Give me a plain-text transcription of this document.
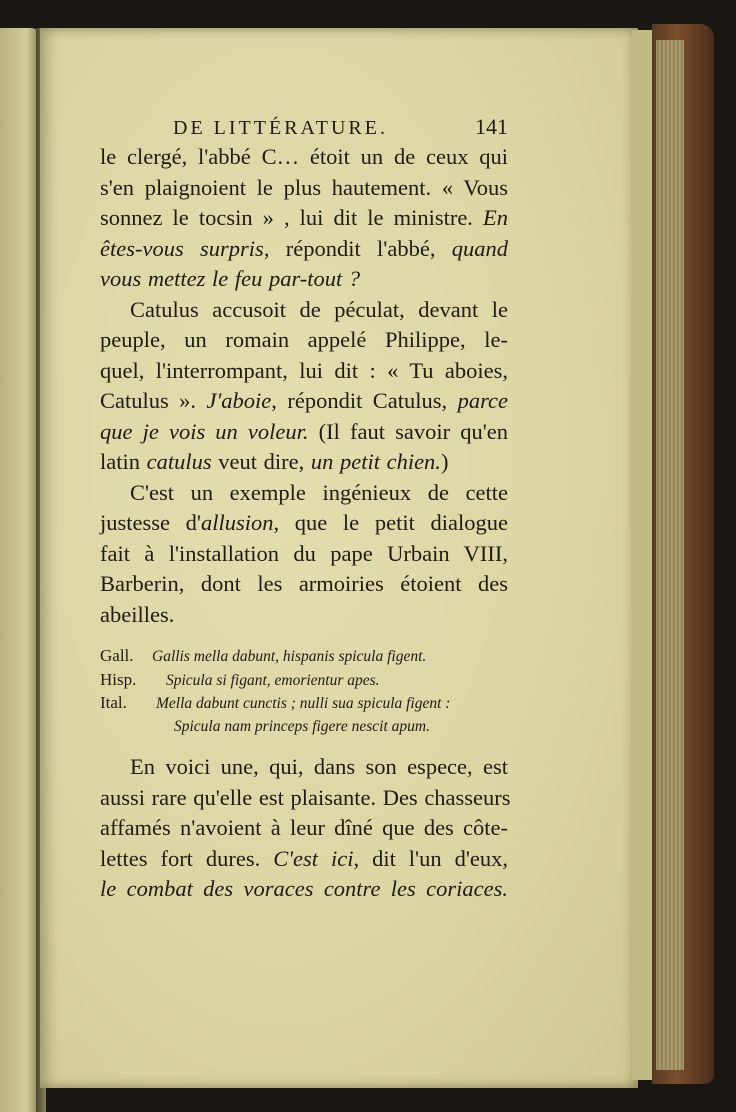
DE LITTÉRATURE.	141
le clergé, l'abbé C… étoit un de ceux qui
s'en plaignoient le plus hautement. « Vous
sonnez le tocsin » , lui dit le ministre. En
êtes-vous surpris, répondit l'abbé, quand
vous mettez le feu par-tout ?
Catulus accusoit de péculat, devant le
peuple, un romain appelé Philippe, le-
quel, l'interrompant, lui dit : « Tu aboies,
Catulus ». J'aboie, répondit Catulus, parce
que je vois un voleur. (Il faut savoir qu'en
latin catulus veut dire, un petit chien.)
C'est un exemple ingénieux de cette
justesse d'allusion, que le petit dialogue
fait à l'installation du pape Urbain VIII,
Barberin, dont les armoiries étoient des
abeilles.
Gall. Gallis mella dabunt, hispanis spicula figent.
Hisp. Spicula si figant, emorientur apes.
Ital. Mella dabunt cunctis ; nulli sua spicula figent :
Spicula nam princeps figere nescit apum.
En voici une, qui, dans son espece, est
aussi rare qu'elle est plaisante. Des chasseurs
affamés n'avoient à leur dîné que des côte-
lettes fort dures. C'est ici, dit l'un d'eux,
le combat des voraces contre les coriaces.
